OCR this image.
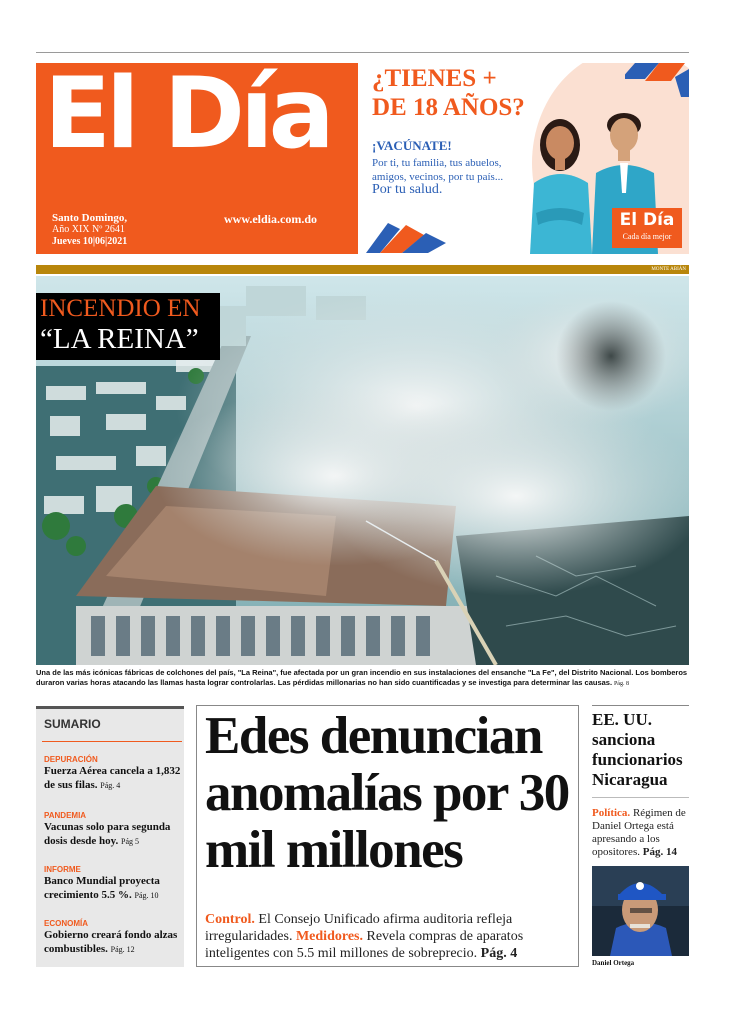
El Día
Santo Domingo,
Año XIX Nº 2641
Jueves 10|06|2021
www.eldia.com.do
¿TIENES +
DE 18 AÑOS?
¡VACÚNATE!
Por ti, tu familia, tus abuelos, amigos, vecinos, por tu país...
Por tu salud.
El Día
Cada día mejor
MONTE ABIÁN
INCENDIO EN
“LA REINA”
Una de las más icónicas fábricas de colchones del país, "La Reina", fue afectada por un gran incendio en sus instalaciones del ensanche "La Fe", del Distrito Nacional. Los bomberos duraron varias horas atacando las llamas hasta lograr controlarlas. Las pérdidas millonarias no han sido cuantificadas y se investiga para determinar las causas. Pág. 8
SUMARIO
DEPURACIÓN
Fuerza Aérea cancela a 1,832 de sus filas. Pág. 4
PANDEMIA
Vacunas solo para segunda dosis desde hoy. Pág 5
INFORME
Banco Mundial proyecta crecimiento 5.5 %. Pág. 10
ECONOMÍA
Gobierno creará fondo alzas combustibles. Pág. 12
Edes denuncian anomalías por 30 mil millones
Control. El Consejo Unificado afirma auditoria refleja irregularidades. Medidores. Revela compras de aparatos inteligentes con 5.5 mil millones de sobreprecio. Pág. 4
EE. UU. sanciona funcionarios Nicaragua
Política. Régimen de Daniel Ortega está apresando a los opositores. Pág. 14
Daniel Ortega
